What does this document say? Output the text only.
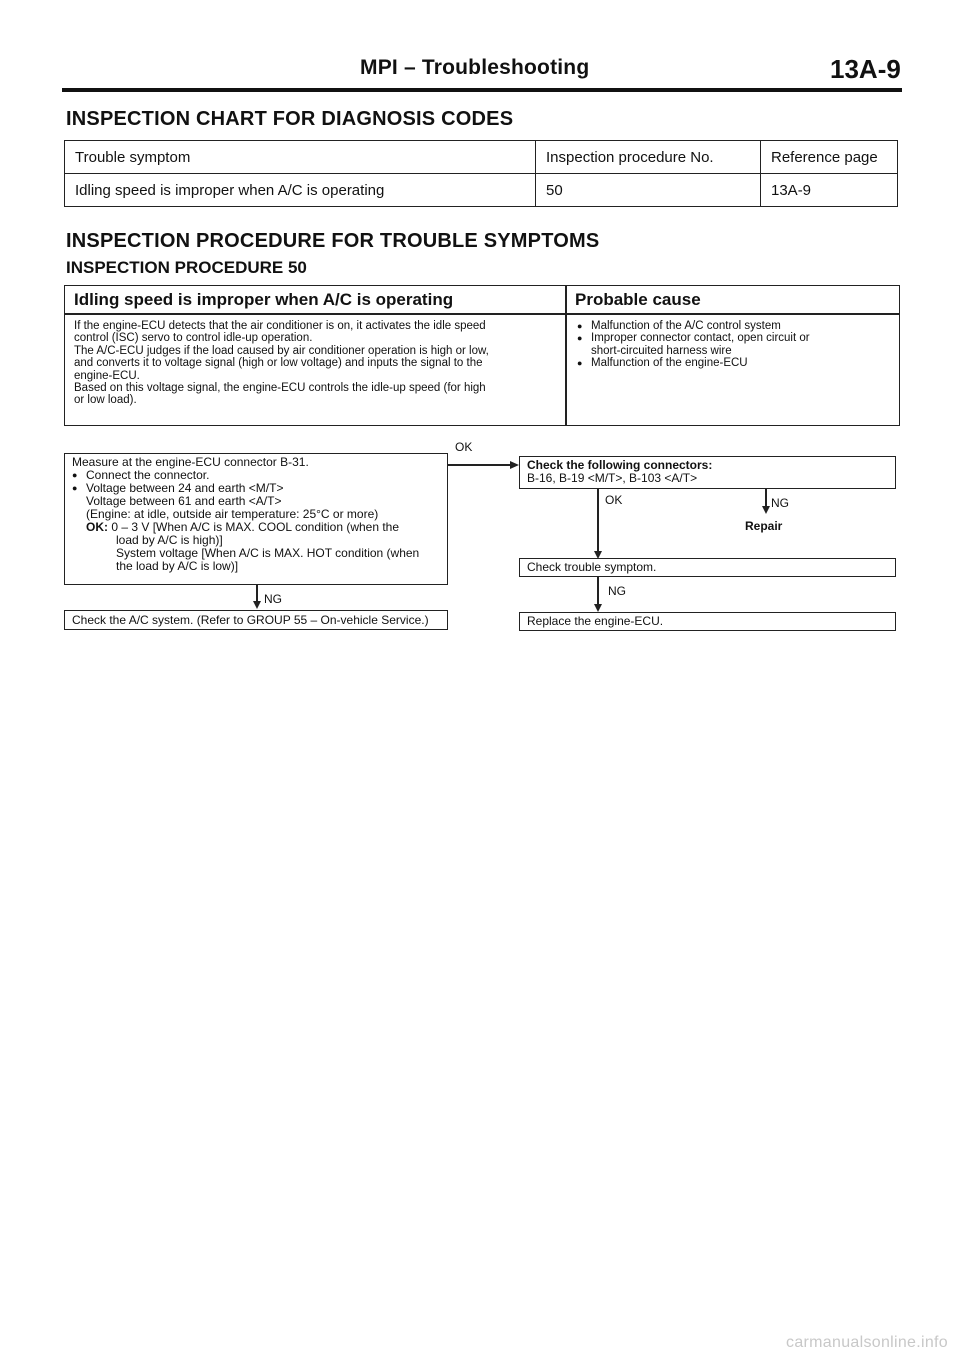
MPI – Troubleshooting	13A-9
INSPECTION CHART FOR DIAGNOSIS CODES
Trouble symptom	Inspection procedure No.	Reference page
Idling speed is improper when A/C is operating	50	13A-9
INSPECTION PROCEDURE FOR TROUBLE SYMPTOMS
INSPECTION PROCEDURE 50
Idling speed is improper when A/C is operating	Probable cause
If the engine-ECU detects that the air conditioner is on, it activates the idle speed
control (ISC) servo to control idle-up operation.
The A/C-ECU judges if the load caused by air conditioner operation is high or low,
and converts it to voltage signal (high or low voltage) and inputs the signal to the
engine-ECU.
Based on this voltage signal, the engine-ECU controls the idle-up speed (for high
or low load).
● Malfunction of the A/C control system
● Improper connector contact, open circuit or
short-circuited harness wire
● Malfunction of the engine-ECU
Measure at the engine-ECU connector B-31.
● Connect the connector.
● Voltage between 24 and earth <M/T>
Voltage between 61 and earth <A/T>
(Engine: at idle, outside air temperature: 25°C or more)
OK: 0 – 3 V [When A/C is MAX. COOL condition (when the
load by A/C is high)]
System voltage [When A/C is MAX. HOT condition (when
the load by A/C is low)]
OK
NG
Check the A/C system. (Refer to GROUP 55 – On-vehicle Service.)
Check the following connectors:
B-16, B-19 <M/T>, B-103 <A/T>
OK	NG
Repair
Check trouble symptom.
NG
Replace the engine-ECU.
carmanualsonline.info
